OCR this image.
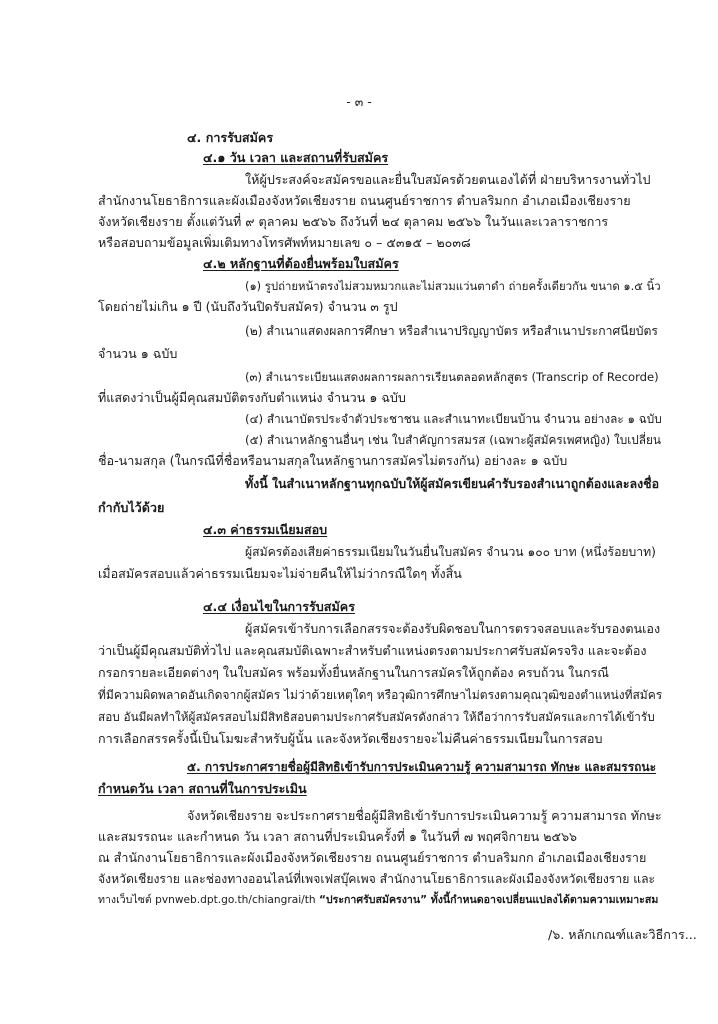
- ๓ -
๔. การรับสมัคร
๔.๑ วัน เวลา และสถานที่รับสมัคร
ให้ผู้ประสงค์จะสมัครขอและยื่นใบสมัครด้วยตนเองได้ที่ ฝ่ายบริหารงานทั่วไป
สำนักงานโยธาธิการและผังเมืองจังหวัดเชียงราย ถนนศูนย์ราชการ ตำบลริมกก อำเภอเมืองเชียงราย
จังหวัดเชียงราย ตั้งแต่วันที่ ๙ ตุลาคม ๒๕๖๖ ถึงวันที่ ๒๔ ตุลาคม ๒๕๖๖ ในวันและเวลาราชการ
หรือสอบถามข้อมูลเพิ่มเติมทางโทรศัพท์หมายเลข ๐ – ๕๓๑๕ – ๒๐๓๘
๔.๒ หลักฐานที่ต้องยื่นพร้อมใบสมัคร
(๑) รูปถ่ายหน้าตรงไม่สวมหมวกและไม่สวมแว่นตาดำ ถ่ายครั้งเดียวกัน ขนาด ๑.๕ นิ้ว
โดยถ่ายไม่เกิน ๑ ปี (นับถึงวันปิดรับสมัคร) จำนวน ๓ รูป
(๒) สำเนาแสดงผลการศึกษา หรือสำเนาปริญญาบัตร หรือสำเนาประกาศนียบัตร
จำนวน ๑ ฉบับ
(๓) สำเนาระเบียนแสดงผลการผลการเรียนตลอดหลักสูตร (Transcrip of Recorde)
ที่แสดงว่าเป็นผู้มีคุณสมบัติตรงกับตำแหน่ง จำนวน ๑ ฉบับ
(๔) สำเนาบัตรประจำตัวประชาชน และสำเนาทะเบียนบ้าน จำนวน อย่างละ ๑ ฉบับ
(๕) สำเนาหลักฐานอื่นๆ เช่น ใบสำคัญการสมรส (เฉพาะผู้สมัครเพศหญิง) ใบเปลี่ยน
ชื่อ-นามสกุล (ในกรณีที่ชื่อหรือนามสกุลในหลักฐานการสมัครไม่ตรงกัน) อย่างละ ๑ ฉบับ
ทั้งนี้ ในสำเนาหลักฐานทุกฉบับให้ผู้สมัครเขียนคำรับรองสำเนาถูกต้องและลงชื่อ
กำกับไว้ด้วย
๔.๓ ค่าธรรมเนียมสอบ
ผู้สมัครต้องเสียค่าธรรมเนียมในวันยื่นใบสมัคร จำนวน ๑๐๐ บาท (หนึ่งร้อยบาท)
เมื่อสมัครสอบแล้วค่าธรรมเนียมจะไม่จ่ายคืนให้ไม่ว่ากรณีใดๆ ทั้งสิ้น
๔.๔ เงื่อนไขในการรับสมัคร
ผู้สมัครเข้ารับการเลือกสรรจะต้องรับผิดชอบในการตรวจสอบและรับรองตนเอง
ว่าเป็นผู้มีคุณสมบัติทั่วไป และคุณสมบัติเฉพาะสำหรับตำแหน่งตรงตามประกาศรับสมัครจริง และจะต้อง
กรอกรายละเอียดต่างๆ ในใบสมัคร พร้อมทั้งยื่นหลักฐานในการสมัครให้ถูกต้อง ครบถ้วน ในกรณี
ที่มีความผิดพลาดอันเกิดจากผู้สมัคร ไม่ว่าด้วยเหตุใดๆ หรือวุฒิการศึกษาไม่ตรงตามคุณวุฒิของตำแหน่งที่สมัคร
สอบ อันมีผลทำให้ผู้สมัครสอบไม่มีสิทธิสอบตามประกาศรับสมัครดังกล่าว ให้ถือว่าการรับสมัครและการได้เข้ารับ
การเลือกสรรครั้งนี้เป็นโมฆะสำหรับผู้นั้น และจังหวัดเชียงรายจะไม่คืนค่าธรรมเนียมในการสอบ
๕. การประกาศรายชื่อผู้มีสิทธิเข้ารับการประเมินความรู้ ความสามารถ ทักษะ และสมรรถนะ
กำหนดวัน เวลา สถานที่ในการประเมิน
จังหวัดเชียงราย จะประกาศรายชื่อผู้มีสิทธิเข้ารับการประเมินความรู้ ความสามารถ ทักษะ
และสมรรถนะ และกำหนด วัน เวลา สถานที่ประเมินครั้งที่ ๑ ในวันที่ ๗ พฤศจิกายน ๒๕๖๖
ณ สำนักงานโยธาธิการและผังเมืองจังหวัดเชียงราย ถนนศูนย์ราชการ ตำบลริมกก อำเภอเมืองเชียงราย
จังหวัดเชียงราย และช่องทางออนไลน์ที่เพจเฟสบุ๊คเพจ สำนักงานโยธาธิการและผังเมืองจังหวัดเชียงราย และ
ทางเว็บไซต์ pvnweb.dpt.go.th/chiangrai/th “ประกาศรับสมัครงาน” ทั้งนี้กำหนดอาจเปลี่ยนแปลงได้ตามความเหมาะสม
/๖. หลักเกณฑ์และวิธีการ...
